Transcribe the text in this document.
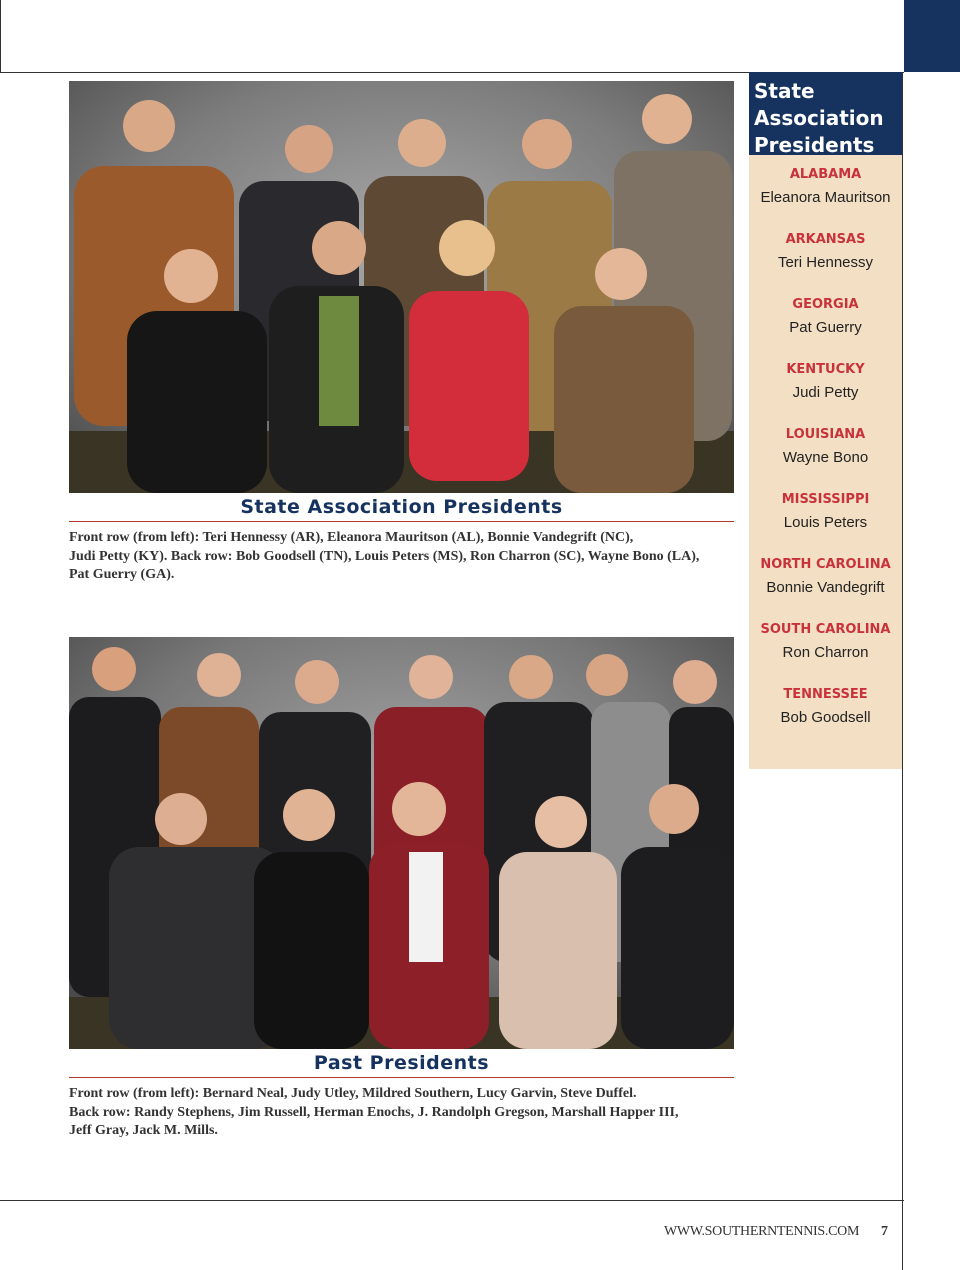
State Association Presidents
Front row (from left): Teri Hennessy (AR), Eleanora Mauritson (AL), Bonnie Vandegrift (NC),
Judi Petty (KY). Back row: Bob Goodsell (TN), Louis Peters (MS), Ron Charron (SC), Wayne Bono (LA),
Pat Guerry (GA).
Past Presidents
Front row (from left): Bernard Neal, Judy Utley, Mildred Southern, Lucy Garvin, Steve Duffel.
Back row: Randy Stephens, Jim Russell, Herman Enochs, J. Randolph Gregson, Marshall Happer III,
Jeff Gray, Jack M. Mills.
State
Association
Presidents
ALABAMA
Eleanora Mauritson
ARKANSAS
Teri Hennessy
GEORGIA
Pat Guerry
KENTUCKY
Judi Petty
LOUISIANA
Wayne Bono
MISSISSIPPI
Louis Peters
NORTH CAROLINA
Bonnie Vandegrift
SOUTH CAROLINA
Ron Charron
TENNESSEE
Bob Goodsell
WWW.SOUTHERNTENNIS.COM 7
